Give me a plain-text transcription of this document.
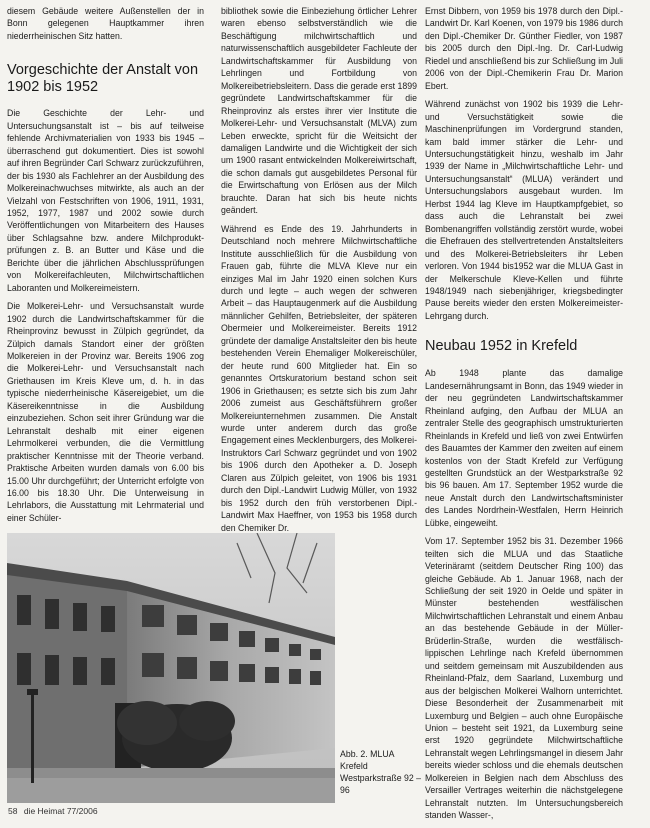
diesem Gebäude weitere Außenstellen der in Bonn gelegenen Hauptkammer ihren niederrheinischen Sitz hatten.

Vorgeschichte der Anstalt von 1902 bis 1952

Die Geschichte der Lehr- und Untersuchungsanstalt ist – bis auf teilweise fehlende Archivmaterialien von 1933 bis 1945 – überraschend gut dokumentiert. Dies ist sowohl auf ihren Begründer Carl Schwarz zurückzuführen, der bis 1930 als Fachlehrer an der Ausbildung des Molkereinachwuchses mitwirkte, als auch an der Vielzahl von Festschriften von 1906, 1911, 1931, 1952, 1977, 1987 und 2002 sowie durch Veröffentlichungen von Mitarbeitern des Hauses über Schlagsahne bzw. andere Milchproduktprüfungen z. B. an Butter und Käse und die Berichte über die jährlichen Abschlussprüfungen von Molkereifachleuten, Milchwirtschaftlichen Laboranten und Molkereimeistern.

Die Molkerei-Lehr- und Versuchsanstalt wurde 1902 durch die Landwirtschaftskammer für die Rheinprovinz bewusst in Zülpich gegründet, da Zülpich damals Standort einer der größten Molkereien in der Provinz war. Bereits 1906 zog die Molkerei-Lehr- und Versuchsanstalt nach Griethausen im Kreis Kleve um, d. h. in das typische niederrheinische Käsereigebiet, um die Käsereikenntnisse in die Ausbildung einzubeziehen. Schon seit ihrer Gründung war die Lehranstalt deshalb mit einer eigenen Lehrmolkerei verbunden, die die Vermittlung praktischer Kenntnisse mit der Theorie verband. Praktische Arbeiten wurden damals von 6.00 bis 15.00 Uhr durchgeführt; der Unterricht erfolgte von 16.00 bis 18.30 Uhr. Die Unterweisung in Lehrlabors, die Ausstattung mit Lehrmaterial und einer Schüler-

bibliothek sowie die Einbeziehung örtlicher Lehrer waren ebenso selbstverständlich wie die Beschäftigung milchwirtschaftlich und naturwissenschaftlich ausgebildeter Fachleute der Landwirtschaftskammer für Ausbildung von Lehrlingen und Fortbildung von Molkereibetriebsleitern. Dass die gerade erst 1899 gegründete Landwirtschaftskammer für die Rheinprovinz als erstes ihrer vier Institute die Molkerei-Lehr- und Versuchsanstalt (MLVA) zum Leben erweckte, spricht für die Weitsicht der damaligen Landwirte und die Wichtigkeit der sich um 1900 rasant entwickelnden Molkereiwirtschaft, die schon damals gut ausgebildetes Personal für die Erwirtschaftung von Erlösen aus der Milch brauchte. Daran hat sich bis heute nichts geändert.

Während es Ende des 19. Jahrhunderts in Deutschland noch mehrere Milchwirtschaftliche Institute ausschließlich für die Ausbildung von Frauen gab, führte die MLVA Kleve nur ein einziges Mal im Jahr 1920 einen solchen Kurs durch und legte – auch wegen der schweren Arbeit – das Hauptaugenmerk auf die Ausbildung männlicher Gehilfen, Betriebsleiter, der späteren Obermeier und Molkereimeister. Bereits 1912 gründete der damalige Anstaltsleiter den bis heute bestehenden Verein Ehemaliger Molkereischüler, der heute rund 600 Mitglieder hat. Ein so genanntes Ortskuratorium bestand schon seit 1906 in Griethausen; es setzte sich bis zum Jahr 2006 zumeist aus Geschäftsführern großer Molkereiunternehmen zusammen. Die Anstalt wurde unter anderem durch das große Engagement eines Mecklenburgers, des Molkerei-Instruktors Carl Schwarz gegründet und von 1902 bis 1906 durch den Apotheker a. D. Joseph Claren aus Zülpich geleitet, von 1906 bis 1931 durch den Dipl.-Landwirt Ludwig Müller, von 1932 bis 1952 durch den früh verstorbenen Dipl.-Landwirt Max Haeffner, von 1953 bis 1958 durch den Chemiker Dr.

Ernst Dibbern, von 1959 bis 1978 durch den Dipl.-Landwirt Dr. Karl Koenen, von 1979 bis 1986 durch den Dipl.-Chemiker Dr. Günther Fiedler, von 1987 bis 2005 durch den Dipl.-Ing. Dr. Carl-Ludwig Riedel und anschließend bis zur Schließung im Juli 2006 von der Dipl.-Chemikerin Frau Dr. Marion Ebert.

Während zunächst von 1902 bis 1939 die Lehr- und Versuchstätigkeit sowie die Maschinenprüfungen im Vordergrund standen, kam bald immer stärker die Lehr- und Untersuchungstätigkeit hinzu, weshalb im Jahr 1939 der Name in „Milchwirtschaftliche Lehr- und Untersuchungsanstalt“ (MLUA) verändert und Untersuchungslabors ausgebaut wurden. Im Herbst 1944 lag Kleve im Hauptkampfgebiet, so dass auch die Lehranstalt bei zwei Bombenangriffen vollständig zerstört wurde, wobei die Ehefrauen des stellvertretenden Anstaltsleiters und des Molkerei-Betriebsleiters ihr Leben verloren. Von 1944 bis1952 war die MLUA Gast in der Melkerschule Kleve-Kellen und führte 1948/1949 nach siebenjähriger, kriegsbedingter Pause bereits wieder den ersten Molkereimeister-Lehrgang durch.

Neubau 1952 in Krefeld

Ab 1948 plante das damalige Landesernährungsamt in Bonn, das 1949 wieder in der neu gegründeten Landwirtschaftskammer Rheinland aufging, den Aufbau der MLUA an zentraler Stelle des geographisch umstrukturierten Rheinlands in Krefeld und ließ von zwei Entwürfen des Bauamtes der Kammer den zweiten auf einem kostenlos von der Stadt Krefeld zur Verfügung gestellten Grundstück an der Westparkstraße 92 bis 96 bauen. Am 17. September 1952 wurde die neue Anstalt durch den Landwirtschaftsminister des Landes Nordrhein-Westfalen, Herrn Heinrich Lübke, eingeweiht.

Vom 17. September 1952 bis 31. Dezember 1966 teilten sich die MLUA und das Staatliche Veterinäramt (seitdem Deutscher Ring 100) das gleiche Gebäude. Ab 1. Januar 1968, nach der Schließung der seit 1920 in Oelde und später in Münster bestehenden westfälischen Milchwirtschaftlichen Lehranstalt und einem Anbau an das bestehende Gebäude in der Müller-Brüderlin-Straße, wurden die westfälisch-lippischen Lehrlinge nach Krefeld übernommen und seitdem gemeinsam mit Auszubildenden aus Rheinland-Pfalz, dem Saarland, Luxemburg und aus der belgischen Molkerei Walhorn unterrichtet. Diese Besonderheit der Zusammenarbeit mit Luxemburg und Belgien – auch ohne Europäische Union – besteht seit 1921, da Luxemburg seine erst 1920 gegründete Milchwirtschaftliche Lehranstalt wegen Lehrlingsmangel in diesem Jahr bereits wieder schloss und die ehemals deutschen Molkereien in Belgien nach dem Abschluss des Versailler Vertrages weiterhin die nächstgelegene Lehranstalt nutzten. Im Untersuchungsbereich standen Wasser-,

Abb. 2. MLUA Krefeld Westparkstraße 92 – 96
58 die Heimat 77/2006
